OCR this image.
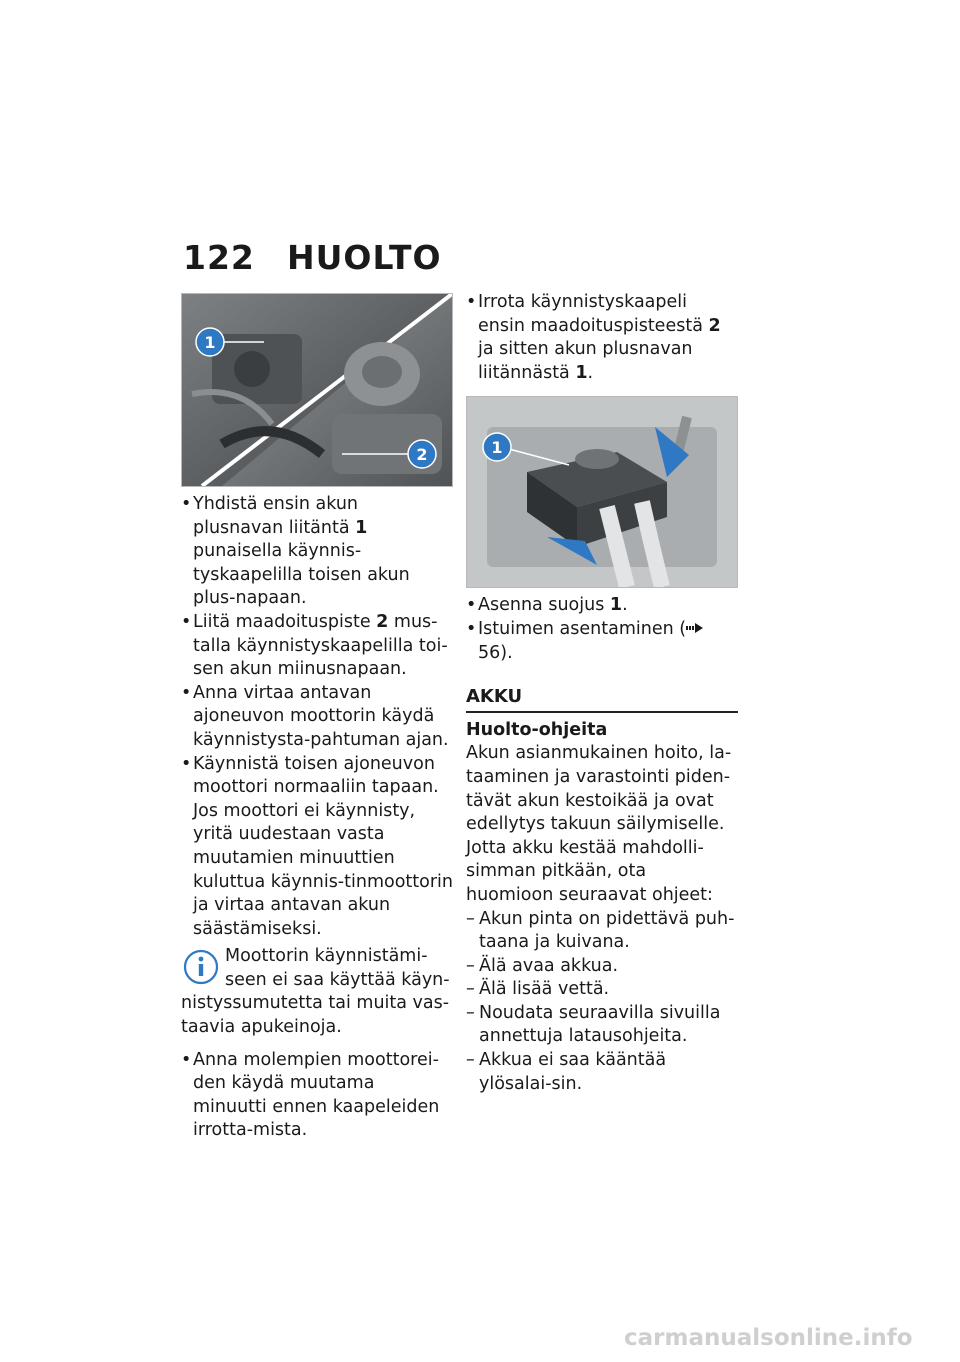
122 HUOLTO
1
2
• Yhdistä ensin akun plusnavan liitäntä 1 punaisella käynnis-tyskaapelilla toisen akun plus-napaan.
• Liitä maadoituspiste 2 mus-talla käynnistyskaapelilla toi-sen akun miinusnapaan.
• Anna virtaa antavan ajoneuvon moottorin käydä käynnistysta-pahtuman ajan.
• Käynnistä toisen ajoneuvon moottori normaaliin tapaan. Jos moottori ei käynnisty, yritä uudestaan vasta muutamien minuuttien kuluttua käynnis-tinmoottorin ja virtaa antavan akun säästämiseksi.
Moottorin käynnistämi-seen ei saa käyttää käyn-nistyssumutetta tai muita vas-taavia apukeinoja.
• Anna molempien moottorei-den käydä muutama minuutti ennen kaapeleiden irrotta-mista.
• Irrota käynnistyskaapeli ensin maadoituspisteestä 2 ja sitten akun plusnavan liitännästä 1.
1
• Asenna suojus 1.
• Istuimen asentaminen ( 56).
AKKU
Huolto-ohjeita

Akun asianmukainen hoito, la-taaminen ja varastointi piden-tävät akun kestoikää ja ovat edellytys takuun säilymiselle. Jotta akku kestää mahdolli-simman pitkään, ota huomioon seuraavat ohjeet:

– Akun pinta on pidettävä puh-taana ja kuivana.
– Älä avaa akkua.
– Älä lisää vettä.
– Noudata seuraavilla sivuilla annettuja latausohjeita.
– Akkua ei saa kääntää ylösalai-sin.
carmanualsonline.info
